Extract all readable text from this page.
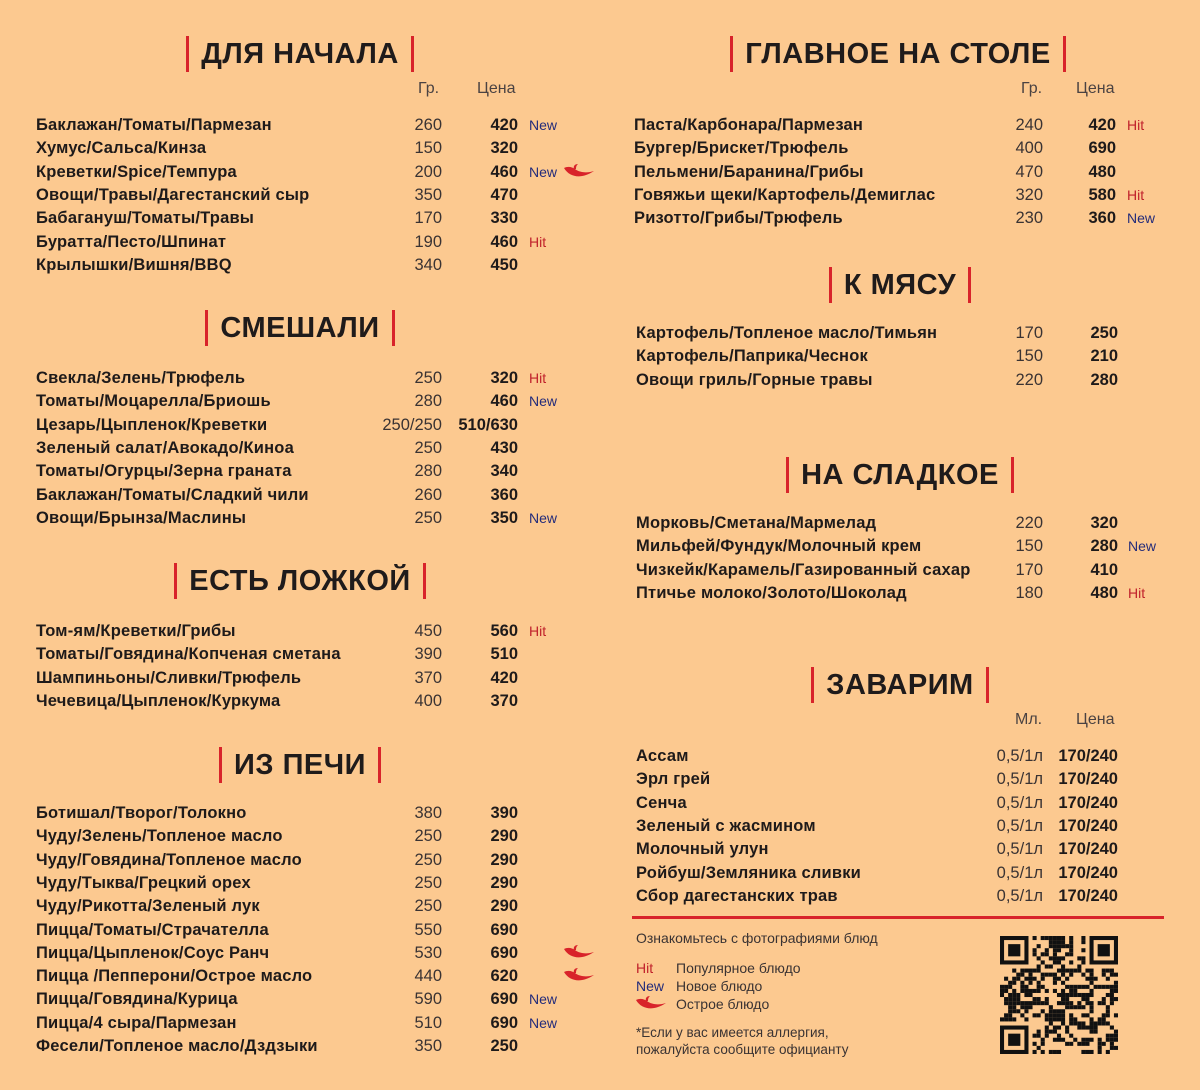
Гр. Цена	Гр. Цена
Мл. Цена
Ознакомьтесь с фотографиями блюд
Hit Популярное блюдо
New Новое блюдо
Острое блюдо
*Если у вас имеется аллергия,
пожалуйста сообщите официанту
ДЛЯ НАЧАЛА
Баклажан/Томаты/Пармезан	260	420 New
Хумус/Сальса/Кинза	150	320
Креветки/Spice/Темпура	200	460 New
Овощи/Травы/Дагестанский сыр	350	470
Бабагануш/Томаты/Травы	170	330
Буратта/Песто/Шпинат	190	460 Hit
Крылышки/Вишня/BBQ	340	450
СМЕШАЛИ
Свекла/Зелень/Трюфель	250	320 Hit
Томаты/Моцарелла/Бриошь	280	460 New
Цезарь/Цыпленок/Креветки	250/250 510/630
Зеленый салат/Авокадо/Киноа	250	430
Томаты/Огурцы/Зерна граната	280	340
Баклажан/Томаты/Сладкий чили	260	360
Овощи/Брынза/Маслины	250	350 New
ЕСТЬ ЛОЖКОЙ
Том-ям/Креветки/Грибы	450	560 Hit
Томаты/Говядина/Копченая сметана	390	510
Шампиньоны/Сливки/Трюфель	370	420
Чечевица/Цыпленок/Куркума	400	370
ИЗ ПЕЧИ
Ботишал/Творог/Толокно	380	390
Чуду/Зелень/Топленое масло	250	290
Чуду/Говядина/Топленое масло	250	290
Чуду/Тыква/Грецкий орех	250	290
Чуду/Рикотта/Зеленый лук	250	290
Пицца/Томаты/Страчателла	550	690
Пицца/Цыпленок/Соус Ранч	530	690
Пицца /Пепперони/Острое масло	440	620
Пицца/Говядина/Курица	590	690 New
Пицца/4 сыра/Пармезан	510	690 New
Фесели/Топленое масло/Дздзыки	350	250
ГЛАВНОЕ НА СТОЛЕ
Паста/Карбонара/Пармезан	240	420 Hit
Бургер/Брискет/Трюфель	400	690
Пельмени/Баранина/Грибы	470	480
Говяжьи щеки/Картофель/Демиглас	320	580 Hit
Ризотто/Грибы/Трюфель	230	360 New
К МЯСУ
Картофель/Топленое масло/Тимьян	170	250
Картофель/Паприка/Чеснок	150	210
Овощи гриль/Горные травы	220	280
НА СЛАДКОЕ
Морковь/Сметана/Мармелад	220	320
Мильфей/Фундук/Молочный крем	150	280 New
Чизкейк/Карамель/Газированный сахар	170	410
Птичье молоко/Золото/Шоколад	180	480 Hit
ЗАВАРИМ
Ассам	0,5/1л 170/240
Эрл грей	0,5/1л 170/240
Сенча	0,5/1л 170/240
Зеленый с жасмином	0,5/1л 170/240
Молочный улун	0,5/1л 170/240
Ройбуш/Земляника сливки	0,5/1л 170/240
Сбор дагестанских трав	0,5/1л 170/240
